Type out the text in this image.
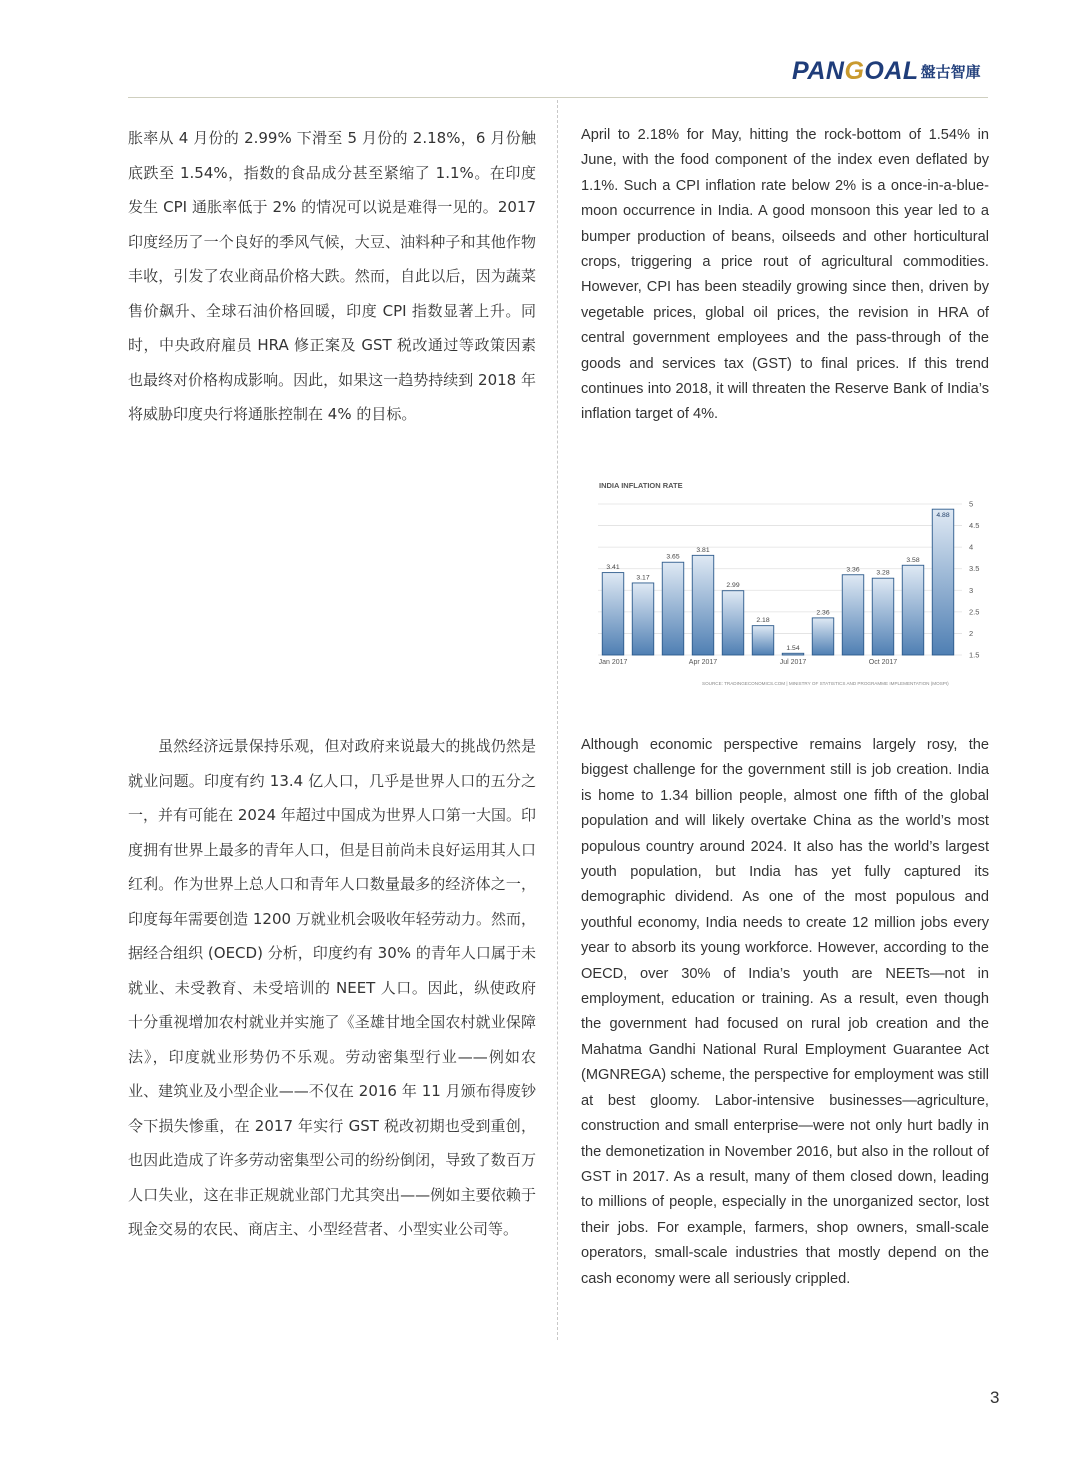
PANGOAL 盤古智庫

胀率从 4 月份的 2.99% 下滑至 5 月份的 2.18%，6 月份触底跌至 1.54%，指数的食品成分甚至紧缩了 1.1%。在印度发生 CPI 通胀率低于 2% 的情况可以说是难得一见的。2017 印度经历了一个良好的季风气候，大豆、油料种子和其他作物丰收，引发了农业商品价格大跌。然而，自此以后，因为蔬菜售价飙升、全球石油价格回暖，印度 CPI 指数显著上升。同时，中央政府雇员 HRA 修正案及 GST 税改通过等政策因素也最终对价格构成影响。因此，如果这一趋势持续到 2018 年将威胁印度央行将通胀控制在 4% 的目标。

虽然经济远景保持乐观，但对政府来说最大的挑战仍然是就业问题。印度有约 13.4 亿人口，几乎是世界人口的五分之一，并有可能在 2024 年超过中国成为世界人口第一大国。印度拥有世界上最多的青年人口，但是目前尚未良好运用其人口红利。作为世界上总人口和青年人口数量最多的经济体之一，印度每年需要创造 1200 万就业机会吸收年轻劳动力。然而，据经合组织 (OECD) 分析，印度约有 30% 的青年人口属于未就业、未受教育、未受培训的 NEET 人口。因此，纵使政府十分重视增加农村就业并实施了《圣雄甘地全国农村就业保障法》，印度就业形势仍不乐观。劳动密集型行业——例如农业、建筑业及小型企业——不仅在 2016 年 11 月颁布得废钞令下损失惨重，在 2017 年实行 GST 税改初期也受到重创，也因此造成了许多劳动密集型公司的纷纷倒闭，导致了数百万人口失业，这在非正规就业部门尤其突出——例如主要依赖于现金交易的农民、商店主、小型经营者、小型实业公司等。

April to 2.18% for May, hitting the rock-bottom of 1.54% in June, with the food component of the index even deflated by 1.1%. Such a CPI inflation rate below 2% is a once-in-a-blue-moon occurrence in India. A good monsoon this year led to a bumper production of beans, oilseeds and other horticultural crops, triggering a price rout of agricultural commodities. However, CPI has been steadily growing since then, driven by vegetable prices, global oil prices, the revision in HRA of central government employees and the pass-through of the goods and services tax (GST) to final prices. If this trend continues into 2018, it will threaten the Reserve Bank of India’s inflation target of 4%.

INDIA INFLATION RATE
5
4.5
4
3.5
3
2.5
2
1.5
3.41
3.17
3.65
3.81
2.99
2.18
1.54
2.36
3.36 3.28
3.58
4.88
Jan 2017	Apr 2017	Jul 2017	Oct 2017
SOURCE: TRADINGECONOMICS.COM | MINISTRY OF STATISTICS AND PROGRAMME IMPLEMENTATION (MOSPI)

Although economic perspective remains largely rosy, the biggest challenge for the government still is job creation. India is home to 1.34 billion people, almost one fifth of the global population and will likely overtake China as the world’s most populous country around 2024. It also has the world’s largest youth population, but India has yet fully captured its demographic dividend. As one of the most populous and youthful economy, India needs to create 12 million jobs every year to absorb its young workforce. However, according to the OECD, over 30% of India’s youth are NEETs—not in employment, education or training. As a result, even though the government had focused on rural job creation and the Mahatma Gandhi National Rural Employment Guarantee Act (MGNREGA) scheme, the perspective for employment was still at best gloomy. Labor-intensive businesses—agriculture, construction and small enterprise—were not only hurt badly in the demonetization in November 2016, but also in the rollout of GST in 2017. As a result, many of them closed down, leading to millions of people, especially in the unorganized sector, lost their jobs. For example, farmers, shop owners, small-scale operators, small-scale industries that mostly depend on the cash economy were all seriously crippled.

3
